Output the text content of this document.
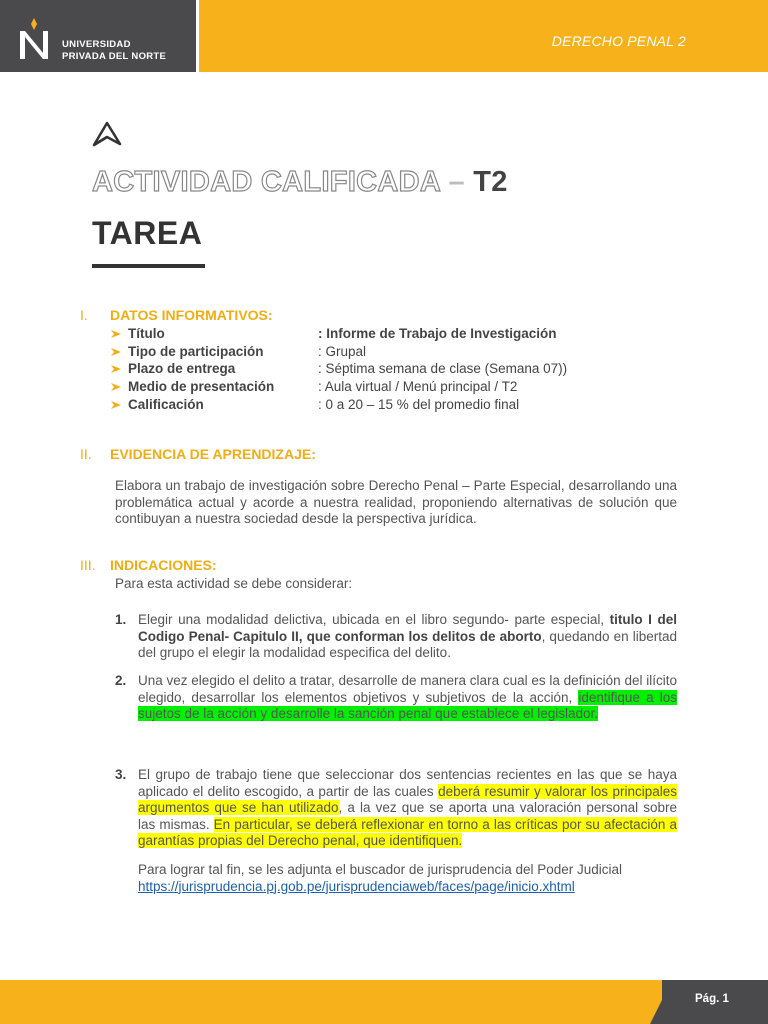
UNIVERSIDAD
PRIVADA DEL NORTE
DERECHO PENAL 2
ACTIVIDAD CALIFICADA – T2
TAREA
I. DATOS INFORMATIVOS:
Título	: Informe de Trabajo de Investigación
Tipo de participación	: Grupal
Plazo de entrega	: Séptima semana de clase (Semana 07))
Medio de presentación	: Aula virtual / Menú principal / T2
Calificación	: 0 a 20 – 15 % del promedio final
II. EVIDENCIA DE APRENDIZAJE:
Elabora un trabajo de investigación sobre Derecho Penal – Parte Especial, desarrollando una problemática actual y acorde a nuestra realidad, proponiendo alternativas de solución que contibuyan a nuestra sociedad desde la perspectiva jurídica.
III. INDICACIONES:
Para esta actividad se debe considerar:
1. Elegir una modalidad delictiva, ubicada en el libro segundo- parte especial, titulo I del Codigo Penal- Capitulo II, que conforman los delitos de aborto, quedando en libertad del grupo el elegir la modalidad especifica del delito.
2. Una vez elegido el delito a tratar, desarrolle de manera clara cual es la definición del ilícito elegido, desarrollar los elementos objetivos y subjetivos de la acción, identifique a los sujetos de la acción y desarrolle la sanción penal que establece el legislador.
3. El grupo de trabajo tiene que seleccionar dos sentencias recientes en las que se haya aplicado el delito escogido, a partir de las cuales deberá resumir y valorar los principales argumentos que se han utilizado, a la vez que se aporta una valoración personal sobre las mismas. En particular, se deberá reflexionar en torno a las críticas por su afectación a garantías propias del Derecho penal, que identifiquen.
Para lograr tal fin, se les adjunta el buscador de jurisprudencia del Poder Judicial
https://jurisprudencia.pj.gob.pe/jurisprudenciaweb/faces/page/inicio.xhtml
Pág. 1
